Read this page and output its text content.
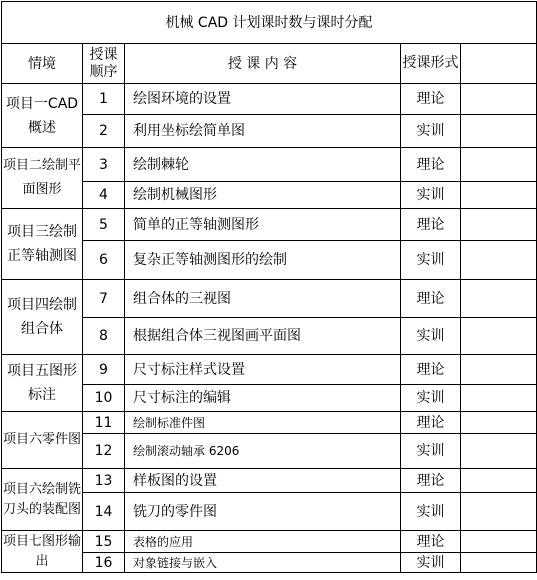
机械 CAD 计划课时数与课时分配				
情境	授课顺序	授 课 内 容	授课形式	
项目一CAD 概述	1	绘图环境的设置	理论	
	2	利用坐标绘简单图	实训	
项目二绘制平面图形	3	绘制棘轮	理论	
	4	绘制机械图形	实训	
项目三绘制正等轴测图	5	简单的正等轴测图形	理论	
	6	复杂正等轴测图形的绘制	实训	
项目四绘制组合体	7	组合体的三视图	理论	
	8	根据组合体三视图画平面图	实训	
项目五图形标注	9	尺寸标注样式设置	理论	
	10	尺寸标注的编辑	实训	
项目六零件图	11	绘制标准件图	理论	
	12	绘制滚动轴承 6206	实训	
项目六绘制铣刀头的装配图	13	样板图的设置	理论	
	14	铣刀的零件图	实训	
项目七图形输出	15	表格的应用	理论	
	16	对象链接与嵌入	实训	
